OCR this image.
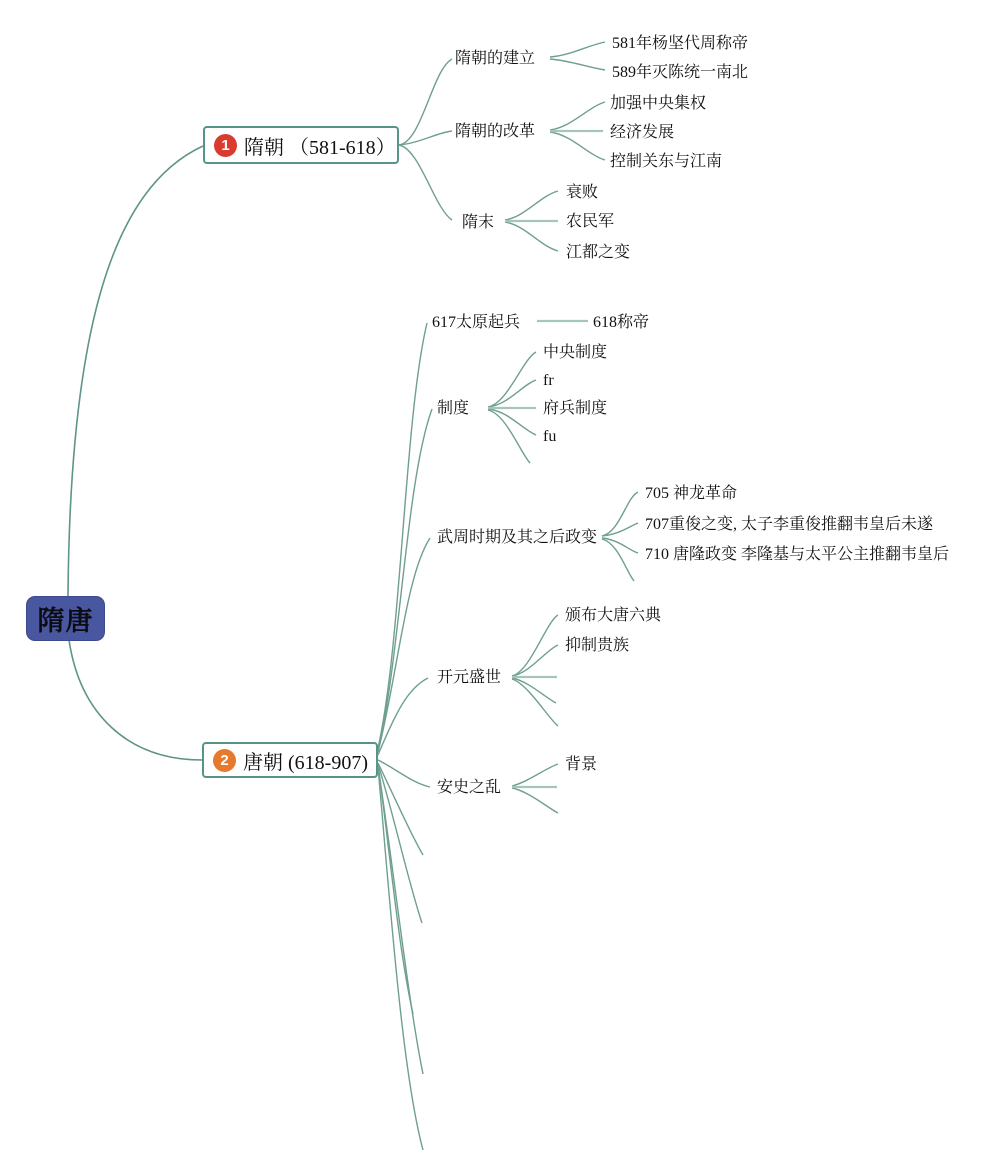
隋唐
1 隋朝 （581-618）
2 唐朝 (618-907)
隋朝的建立
581年杨坚代周称帝
589年灭陈统一南北
隋朝的改革
加强中央集权
经济发展
控制关东与江南
隋末
衰败
农民军
江都之变
617太原起兵	618称帝
制度
中央制度
fr
府兵制度
fu
武周时期及其之后政变
705 神龙革命
707重俊之变, 太子李重俊推翻韦皇后未遂
710 唐隆政变 李隆基与太平公主推翻韦皇后
开元盛世
颁布大唐六典
抑制贵族
安史之乱
背景
